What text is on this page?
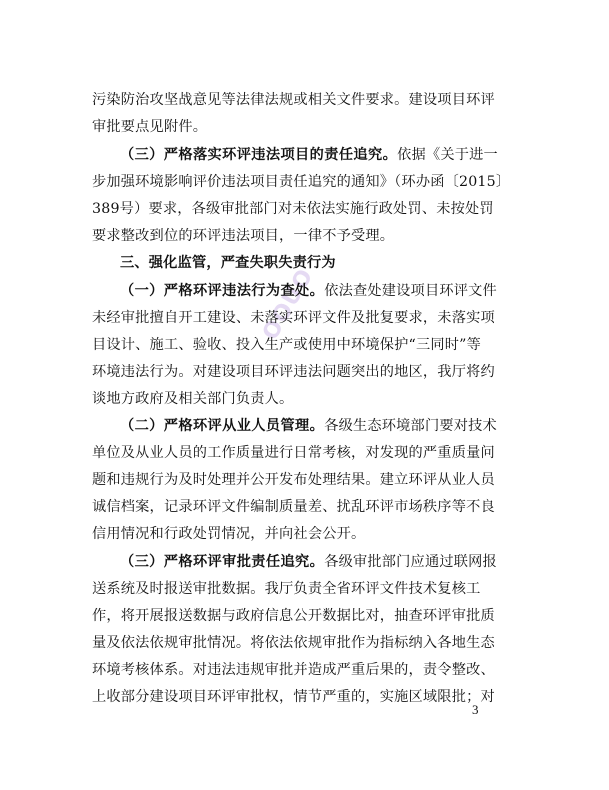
OOUO
污染防治攻坚战意见等法律法规或相关文件要求。建设项目环评
审批要点见附件。
（三）严格落实环评违法项目的责任追究。依据《关于进一
步加强环境影响评价违法项目责任追究的通知》（环办函〔2015〕
389号）要求，各级审批部门对未依法实施行政处罚、未按处罚
要求整改到位的环评违法项目，一律不予受理。
三、强化监管，严查失职失责行为
（一）严格环评违法行为查处。依法查处建设项目环评文件
未经审批擅自开工建设、未落实环评文件及批复要求，未落实项
目设计、施工、验收、投入生产或使用中环境保护“三同时”等
环境违法行为。对建设项目环评违法问题突出的地区，我厅将约
谈地方政府及相关部门负责人。
（二）严格环评从业人员管理。各级生态环境部门要对技术
单位及从业人员的工作质量进行日常考核，对发现的严重质量问
题和违规行为及时处理并公开发布处理结果。建立环评从业人员
诚信档案，记录环评文件编制质量差、扰乱环评市场秩序等不良
信用情况和行政处罚情况，并向社会公开。
（三）严格环评审批责任追究。各级审批部门应通过联网报
送系统及时报送审批数据。我厅负责全省环评文件技术复核工
作，将开展报送数据与政府信息公开数据比对，抽查环评审批质
量及依法依规审批情况。将依法依规审批作为指标纳入各地生态
环境考核体系。对违法违规审批并造成严重后果的，责令整改、
上收部分建设项目环评审批权，情节严重的，实施区域限批；对
3
